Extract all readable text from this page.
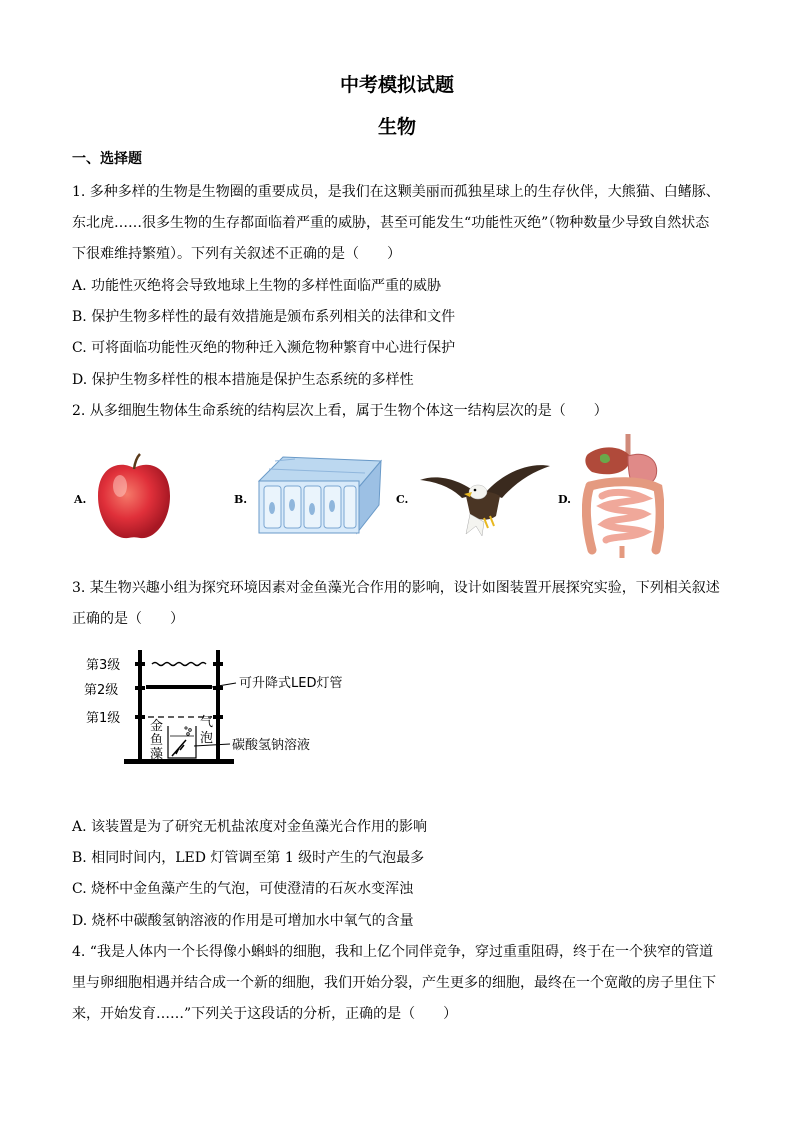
中考模拟试题
生物
一、选择题
1. 多种多样的生物是生物圈的重要成员，是我们在这颗美丽而孤独星球上的生存伙伴，大熊猫、白鳍豚、
东北虎……很多生物的生存都面临着严重的威胁，甚至可能发生“功能性灭绝”（物种数量少导致自然状态
下很难维持繁殖）。下列有关叙述不正确的是（　　）
A. 功能性灭绝将会导致地球上生物的多样性面临严重的威胁
B. 保护生物多样性的最有效措施是颁布系列相关的法律和文件
C. 可将面临功能性灭绝的物种迁入濒危物种繁育中心进行保护
D. 保护生物多样性的根本措施是保护生态系统的多样性
2. 从多细胞生物体生命系统的结构层次上看，属于生物个体这一结构层次的是（　　）
A.	B.	C.	D.
3. 某生物兴趣小组为探究环境因素对金鱼藻光合作用的影响，设计如图装置开展探究实验，下列相关叙述
正确的是（　　）
第3级
第2级
第1级
金
鱼
藻
气
泡
可升降式LED灯管
碳酸氢钠溶液
A. 该装置是为了研究无机盐浓度对金鱼藻光合作用的影响
B. 相同时间内，LED 灯管调至第 1 级时产生的气泡最多
C. 烧杯中金鱼藻产生的气泡，可使澄清的石灰水变浑浊
D. 烧杯中碳酸氢钠溶液的作用是可增加水中氧气的含量
4. “我是人体内一个长得像小蝌蚪的细胞，我和上亿个同伴竞争，穿过重重阻碍，终于在一个狭窄的管道
里与卵细胞相遇并结合成一个新的细胞，我们开始分裂，产生更多的细胞，最终在一个宽敞的房子里住下
来，开始发育……”下列关于这段话的分析，正确的是（　　）
